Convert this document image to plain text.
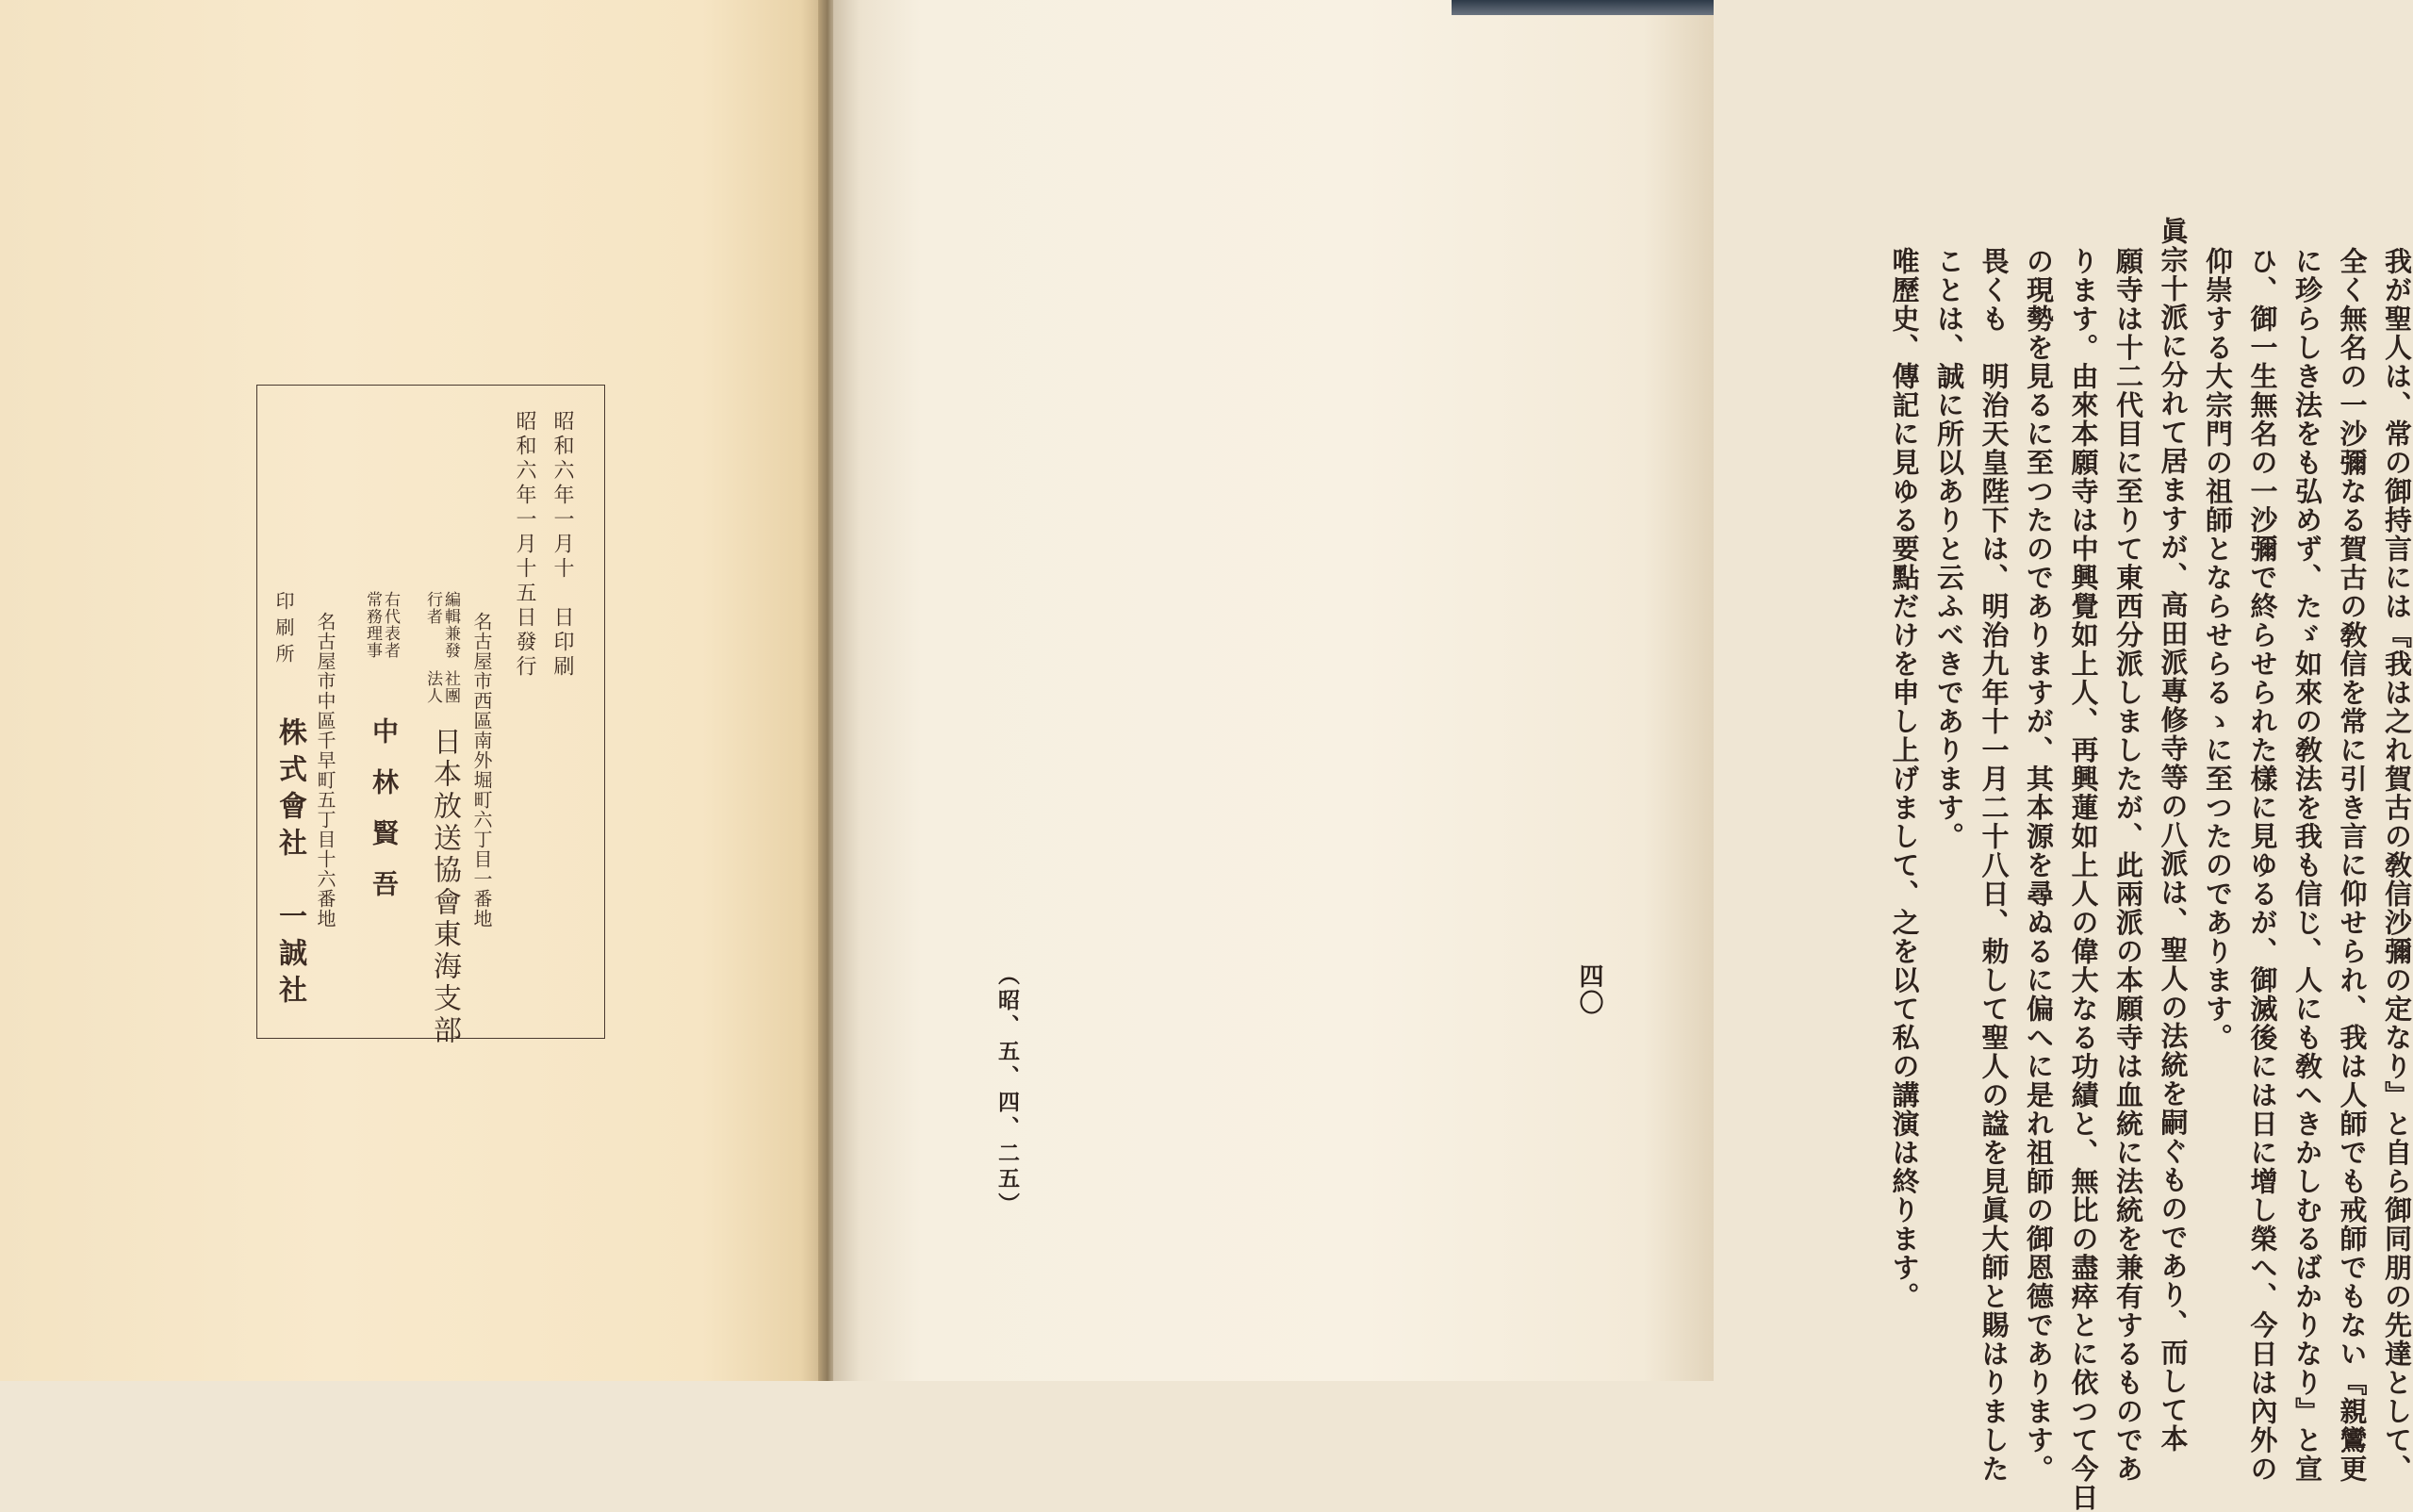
昭和六年一月十　日印刷
昭和六年一月十五日發行
名古屋市西區南外堀町六丁目一番地
編輯兼發行者
社團法人
日本放送協會東海支部
右代表者常務理事
中林賢吾
名古屋市中區千早町五丁目十六番地
印刷所
株式會社　一誠社	我が聖人は、常の御持言には『我は之れ賀古の敎信沙彌の定なり』と自ら御同朋の先達として、
全く無名の一沙彌なる賀古の敎信を常に引き言に仰せられ、我は人師でも戒師でもない『親鸞更
に珍らしき法をも弘めず、たゞ如來の敎法を我も信じ、人にも敎へきかしむるばかりなり』と宣
ひ、御一生無名の一沙彌で終らせられた樣に見ゆるが、御滅後には日に增し榮へ、今日は內外の
仰崇する大宗門の祖師とならせらるゝに至つたのであります。
眞宗十派に分れて居ますが、高田派專修寺等の八派は、聖人の法統を嗣ぐものであり、而して本
願寺は十二代目に至りて東西分派しましたが、此兩派の本願寺は血統に法統を兼有するものであ
ります。由來本願寺は中興覺如上人、再興蓮如上人の偉大なる功績と、無比の盡瘁とに依つて今日
の現勢を見るに至つたのでありますが、其本源を尋ぬるに偏へに是れ祖師の御恩德であります。
畏くも　明治天皇陛下は、明治九年十一月二十八日、勅して聖人の諡を見眞大師と賜はりました
ことは、誠に所以ありと云ふべきであります。
唯歷史、傳記に見ゆる要點だけを申し上げまして、之を以て私の講演は終ります。
四〇
（昭、五、四、二五）
